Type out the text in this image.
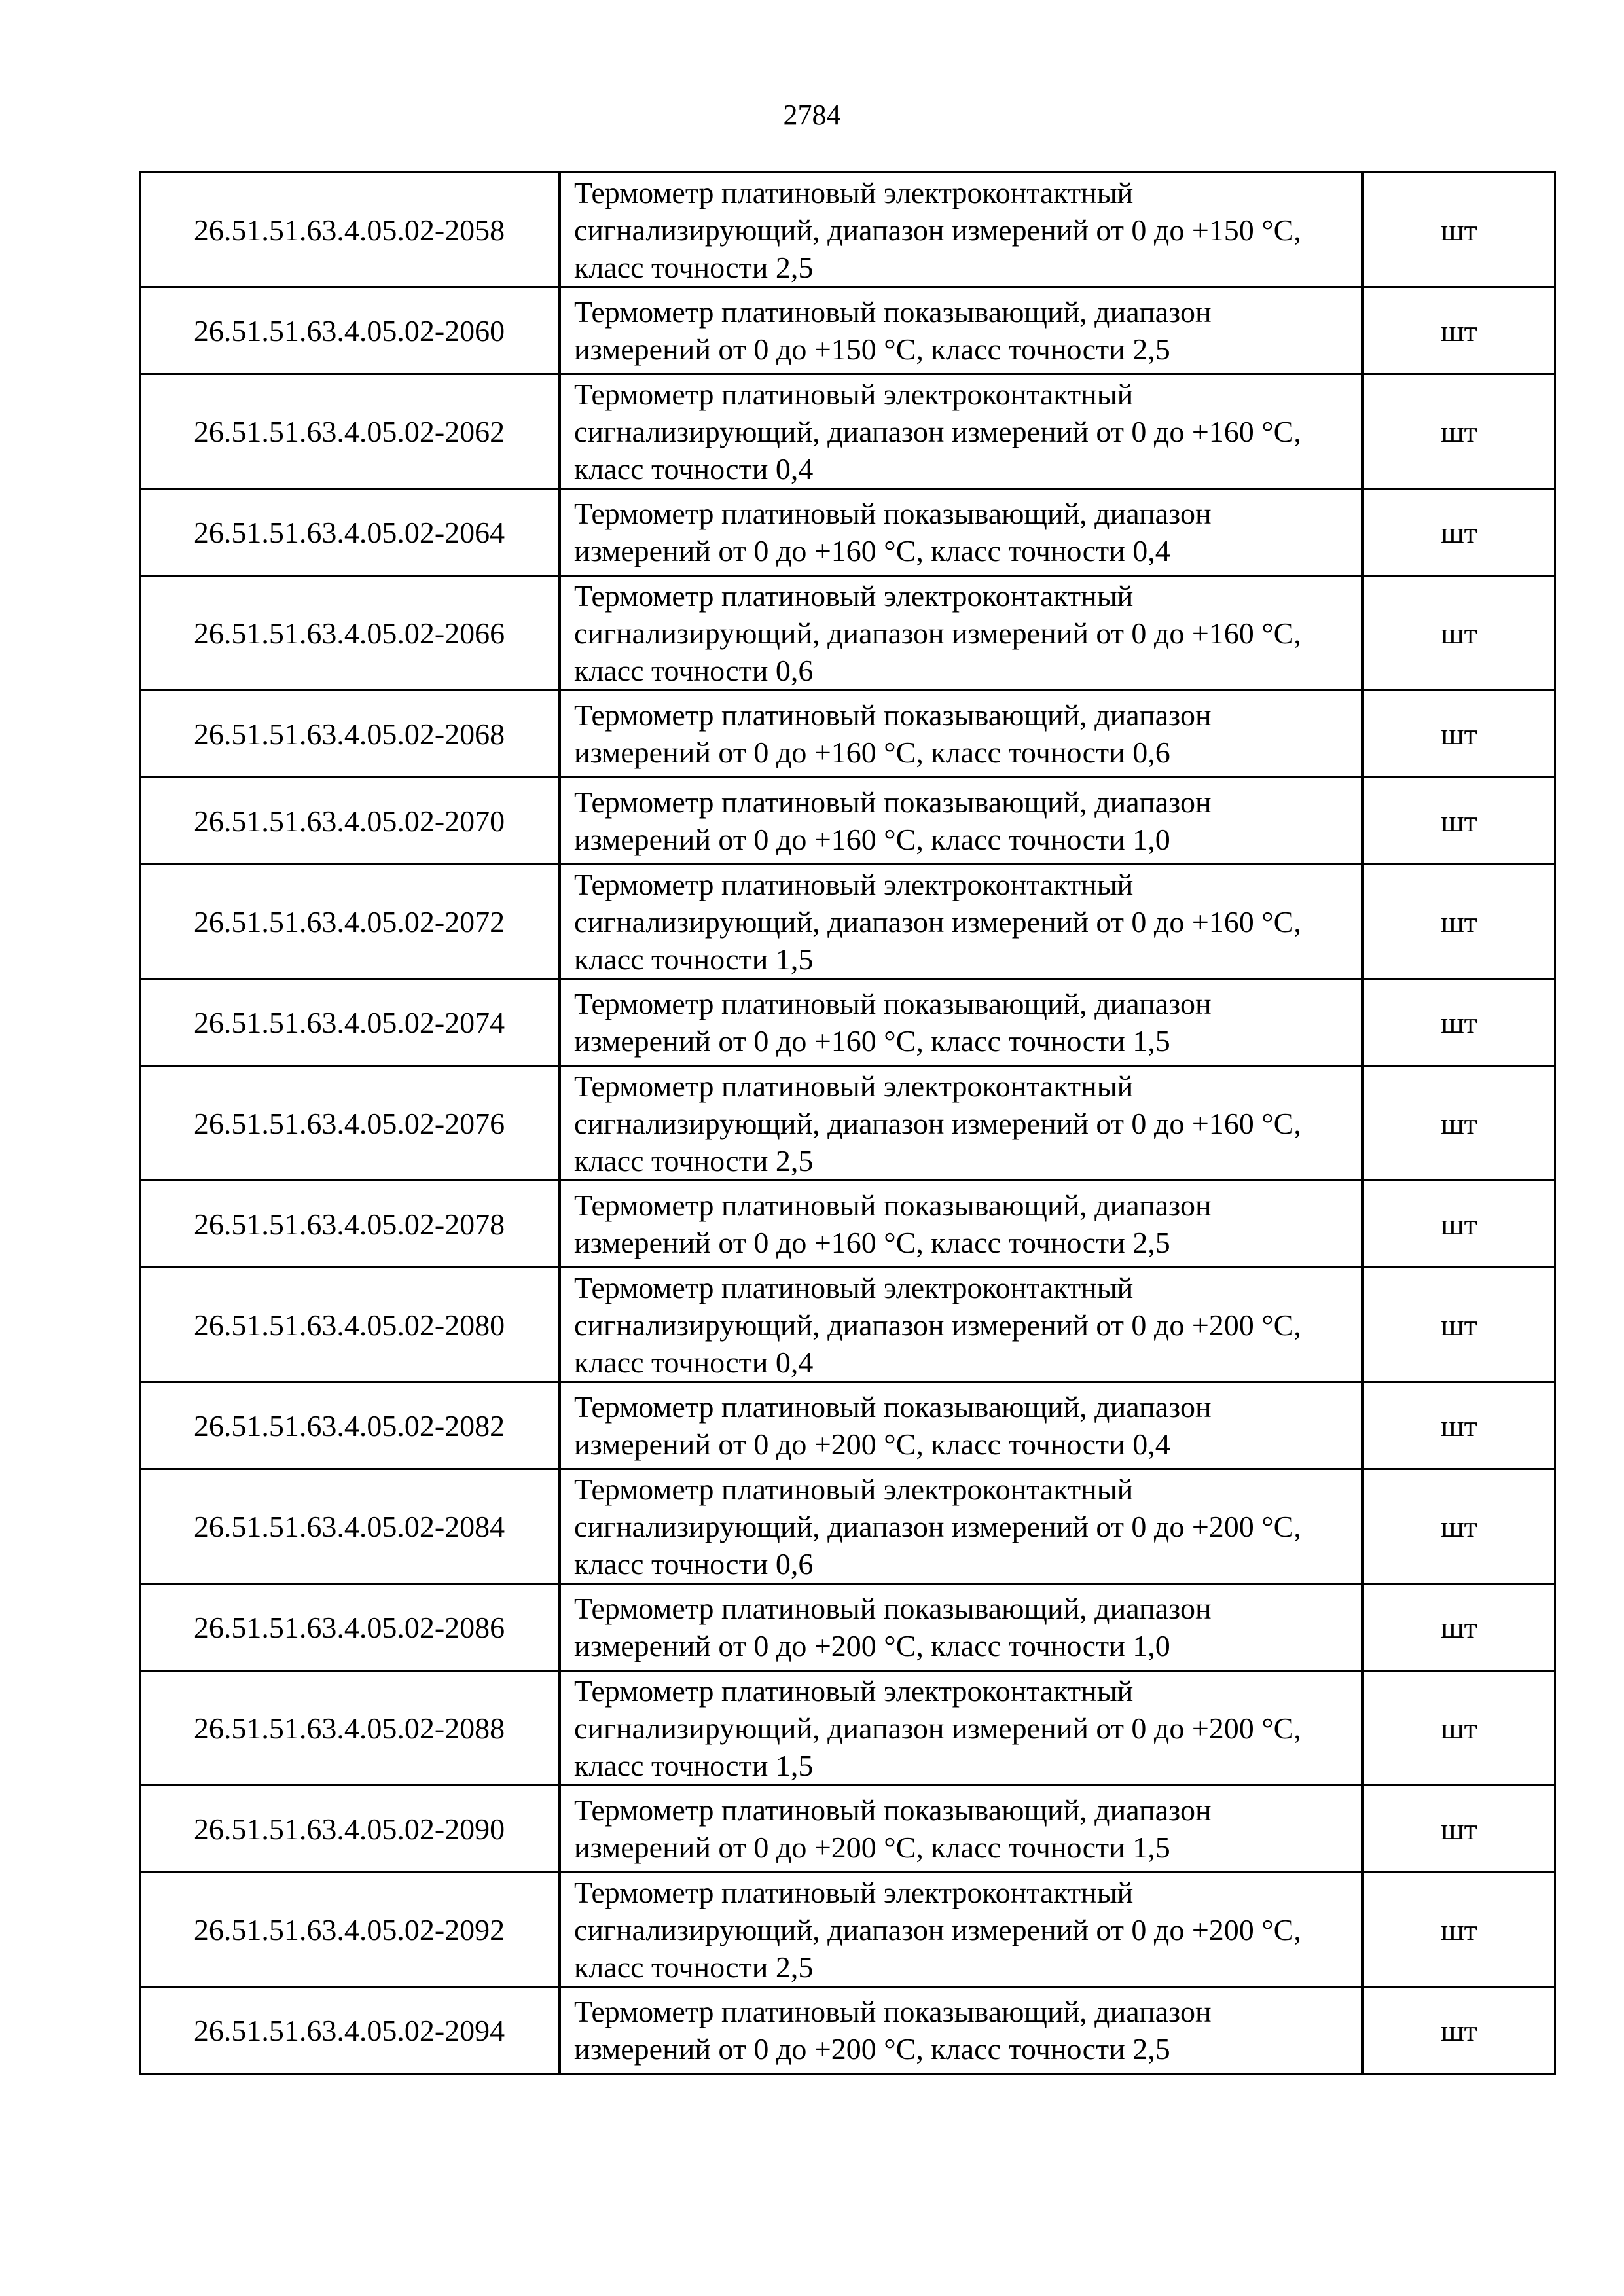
2784
26.51.51.63.4.05.02-2058	Термометр платиновый электроконтактный сигнализирующий, диапазон измерений от 0 до +150 °C, класс точности 2,5	шт
26.51.51.63.4.05.02-2060	Термометр платиновый показывающий, диапазон измерений от 0 до +150 °C, класс точности 2,5	шт
26.51.51.63.4.05.02-2062	Термометр платиновый электроконтактный сигнализирующий, диапазон измерений от 0 до +160 °C, класс точности 0,4	шт
26.51.51.63.4.05.02-2064	Термометр платиновый показывающий, диапазон измерений от 0 до +160 °C, класс точности 0,4	шт
26.51.51.63.4.05.02-2066	Термометр платиновый электроконтактный сигнализирующий, диапазон измерений от 0 до +160 °C, класс точности 0,6	шт
26.51.51.63.4.05.02-2068	Термометр платиновый показывающий, диапазон измерений от 0 до +160 °C, класс точности 0,6	шт
26.51.51.63.4.05.02-2070	Термометр платиновый показывающий, диапазон измерений от 0 до +160 °C, класс точности 1,0	шт
26.51.51.63.4.05.02-2072	Термометр платиновый электроконтактный сигнализирующий, диапазон измерений от 0 до +160 °C, класс точности 1,5	шт
26.51.51.63.4.05.02-2074	Термометр платиновый показывающий, диапазон измерений от 0 до +160 °C, класс точности 1,5	шт
26.51.51.63.4.05.02-2076	Термометр платиновый электроконтактный сигнализирующий, диапазон измерений от 0 до +160 °C, класс точности 2,5	шт
26.51.51.63.4.05.02-2078	Термометр платиновый показывающий, диапазон измерений от 0 до +160 °C, класс точности 2,5	шт
26.51.51.63.4.05.02-2080	Термометр платиновый электроконтактный сигнализирующий, диапазон измерений от 0 до +200 °C, класс точности 0,4	шт
26.51.51.63.4.05.02-2082	Термометр платиновый показывающий, диапазон измерений от 0 до +200 °C, класс точности 0,4	шт
26.51.51.63.4.05.02-2084	Термометр платиновый электроконтактный сигнализирующий, диапазон измерений от 0 до +200 °C, класс точности 0,6	шт
26.51.51.63.4.05.02-2086	Термометр платиновый показывающий, диапазон измерений от 0 до +200 °C, класс точности 1,0	шт
26.51.51.63.4.05.02-2088	Термометр платиновый электроконтактный сигнализирующий, диапазон измерений от 0 до +200 °C, класс точности 1,5	шт
26.51.51.63.4.05.02-2090	Термометр платиновый показывающий, диапазон измерений от 0 до +200 °C, класс точности 1,5	шт
26.51.51.63.4.05.02-2092	Термометр платиновый электроконтактный сигнализирующий, диапазон измерений от 0 до +200 °C, класс точности 2,5	шт
26.51.51.63.4.05.02-2094	Термометр платиновый показывающий, диапазон измерений от 0 до +200 °C, класс точности 2,5	шт
